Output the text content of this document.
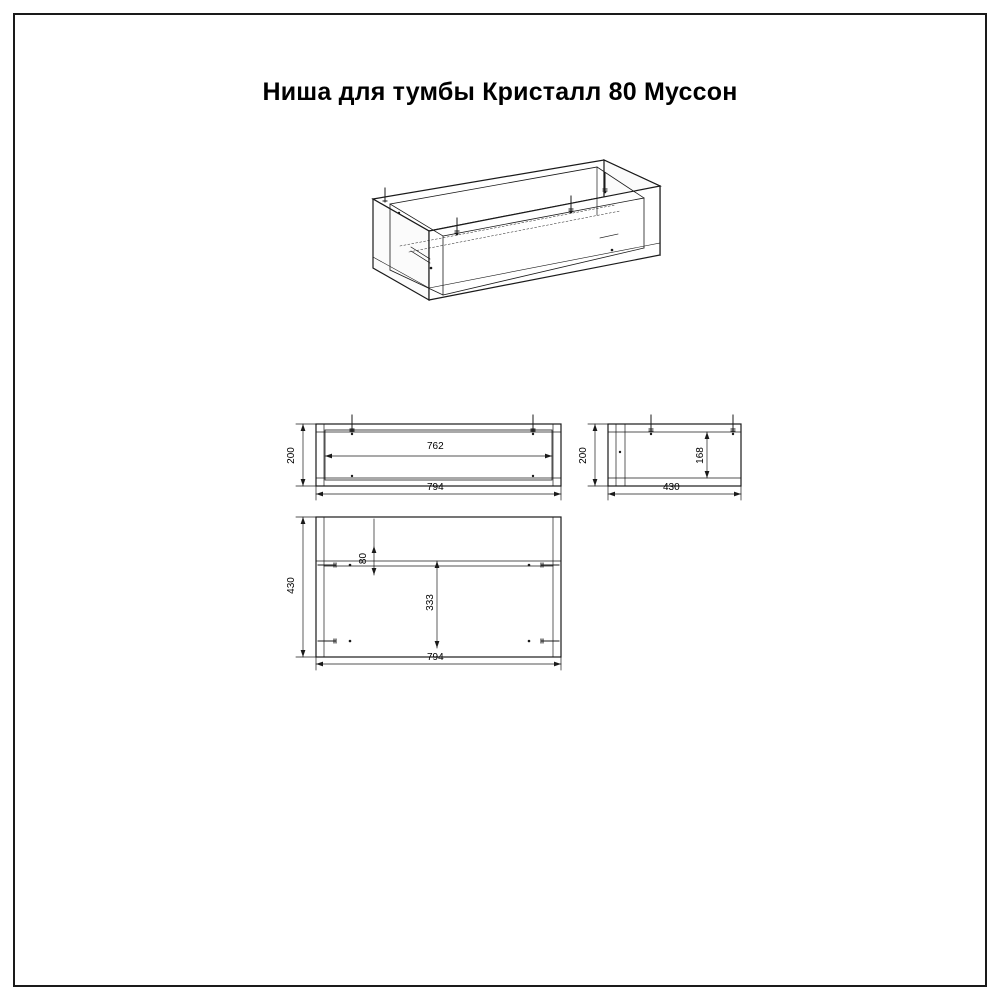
Ниша для тумбы Кристалл 80 Муссон
762
794
200	168
430
200
80
333
794
430
